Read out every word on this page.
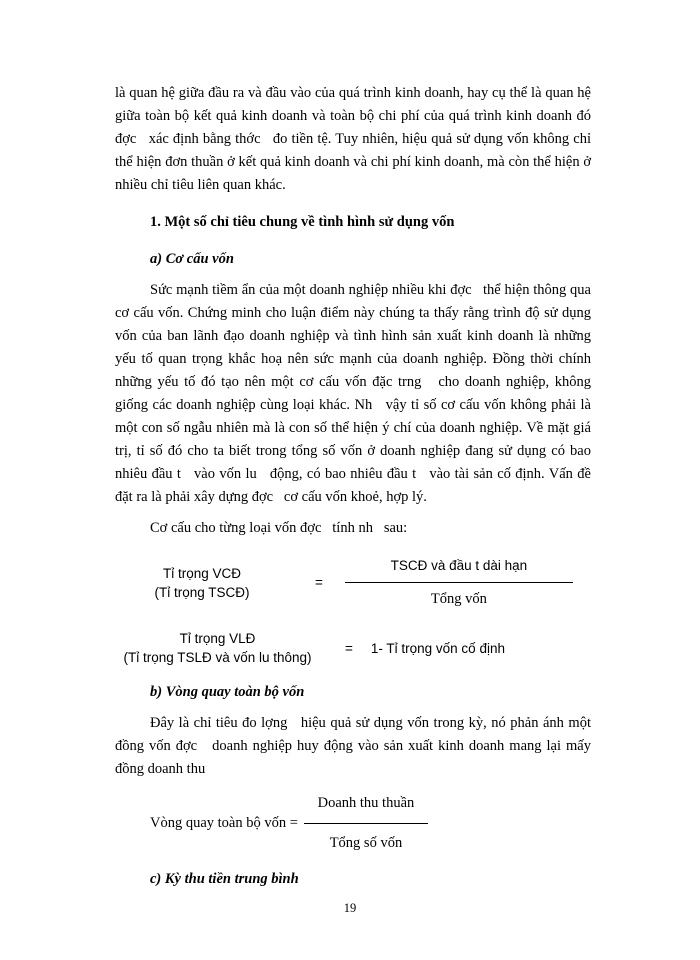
là quan hệ giữa đầu ra và đầu vào của quá trình kinh doanh, hay cụ thể là quan hệ giữa toàn bộ kết quả kinh doanh và toàn bộ chi phí của quá trình kinh doanh đó đợc   xác định bằng thớc   đo tiền tệ. Tuy nhiên, hiệu quả sử dụng vốn không chỉ thể hiện đơn thuần ở kết quả kinh doanh và chi phí kinh doanh, mà còn thể hiện ở nhiều chỉ tiêu liên quan khác.

1. Một số chỉ tiêu chung về tình hình sử dụng vốn
a) Cơ cấu vốn

Sức mạnh tiềm ẩn của một doanh nghiệp nhiều khi đợc   thể hiện thông qua cơ cấu vốn. Chứng minh cho luận điểm này chúng ta thấy rằng trình độ sử dụng vốn của ban lãnh đạo doanh nghiệp và tình hình sản xuất kinh doanh là những yếu tố quan trọng khắc hoạ nên sức mạnh của doanh nghiệp. Đồng thời chính những yếu tố đó tạo nên một cơ cấu vốn đặc trng   cho doanh nghiệp, không giống các doanh nghiệp cùng loại khác. Nh   vậy tỉ số cơ cấu vốn không phải là một con số ngẫu nhiên mà là con số thể hiện ý chí của doanh nghiệp. Về mặt giá trị, tỉ số đó cho ta biết trong tổng số vốn ở doanh nghiệp đang sử dụng có bao nhiêu đầu t   vào vốn lu   động, có bao nhiêu đầu t   vào tài sản cố định. Vấn đề đặt ra là phải xây dựng đợc   cơ cấu vốn khoẻ, hợp lý.

Cơ cấu cho từng loại vốn đợc   tính nh   sau:

Tỉ trọng VCĐ
(Tỉ trọng TSCĐ)
= $\frac{\text{TSCĐ và đầu t dài hạn}}{\text{Tổng vốn}}$
Tỉ trọng VLĐ
(Tỉ trọng TSLĐ và vốn lu thông)
= 1- Tỉ trọng vốn cố định
b) Vòng quay toàn bộ vốn

Đây là chỉ tiêu đo lợng   hiệu quả sử dụng vốn trong kỳ, nó phản ánh một đồng vốn đợc   doanh nghiệp huy động vào sản xuất kinh doanh mang lại mấy đồng doanh thu

Vòng quay toàn bộ vốn = $\frac{\text{Doanh thu thuần}}{\text{Tổng số vốn}}$
c) Kỳ thu tiền trung bình
19
